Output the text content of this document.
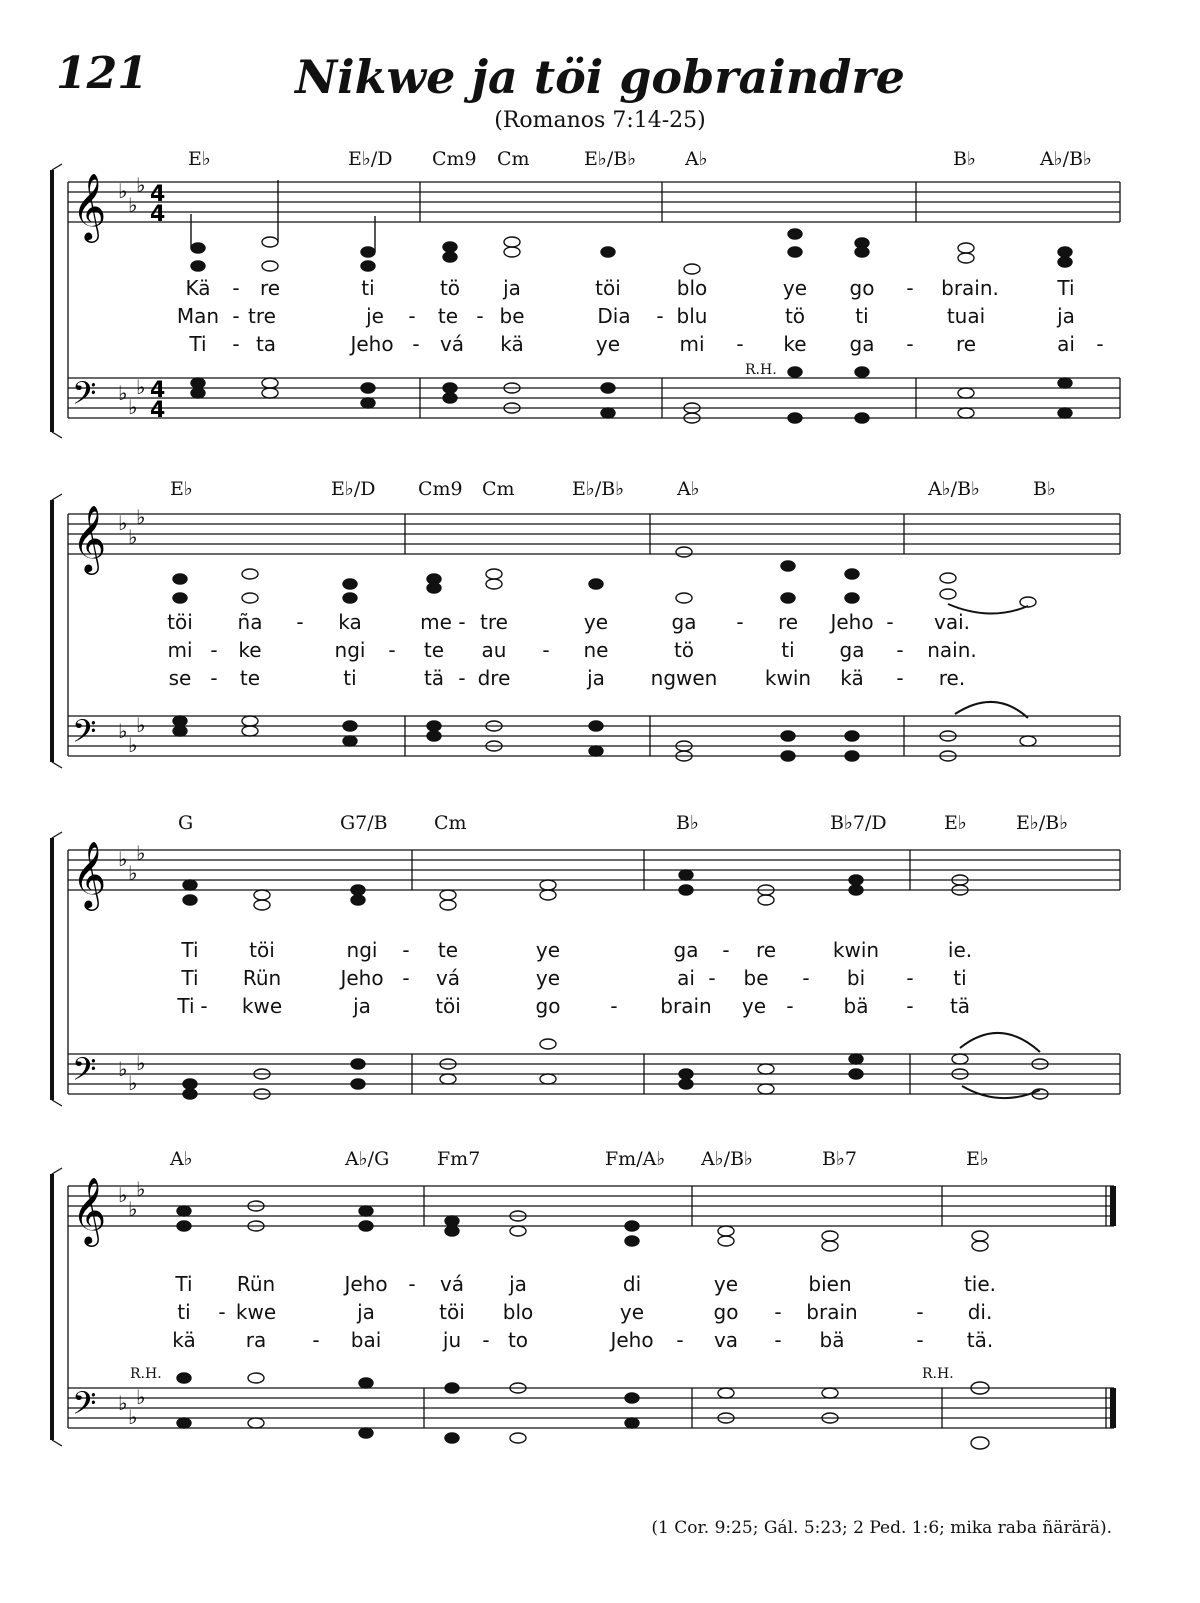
121	Nikwe ja töi gobraindre
(Romanos 7:14-25)
E♭	E♭/D Cm9 Cm	E♭/B♭	A♭	B♭	A♭/B♭
𝄞
𝄢
♭
♭
♭
♭
♭
♭
4
4
4
4
R.H.
Kä - re	ti	tö ja	töi	blo	ye go - brain.	Ti
Man - tre	je - te - be	Dia - blu	tö	ti	tuai	ja
Ti - ta	Jeho - vá kä	ye	mi - ke ga - re	ai -
E♭	E♭/D Cm9 Cm	E♭/B♭	A♭	A♭/B♭	B♭
𝄞
𝄢
♭
♭
♭
♭
♭
♭
töi ña - ka	me - tre	ye	ga - re Jeho - vai.
mi - ke	ngi - te au - ne	tö	ti ga - nain.
se - te	ti	tä - dre	ja ngwen kwin kä - re.
G	G7/B Cm	B♭	B♭7/D	E♭	E♭/B♭
𝄞
𝄢
♭
♭
♭
♭
♭
♭
Ti	töi	ngi - te	ye	ga - re	kwin	ie.
Ti Rün	Jeho - vá	ye	ai - be - bi - ti
Ti - kwe	ja	töi	go - brain ye - bä - tä
A♭	A♭/G	Fm7	Fm/A♭ A♭/B♭	B♭7	E♭
𝄞
𝄢
♭
♭
♭
♭
♭
♭
R.H.	R.H.
Ti Rün	Jeho - vá ja	di	ye	bien	tie.
ti - kwe	ja	töi blo	ye	go - brain	- di.
kä	ra - bai	ju - to	Jeho - va - bä	- tä.
(1 Cor. 9:25; Gál. 5:23; 2 Ped. 1:6; mika raba ñärärä).
